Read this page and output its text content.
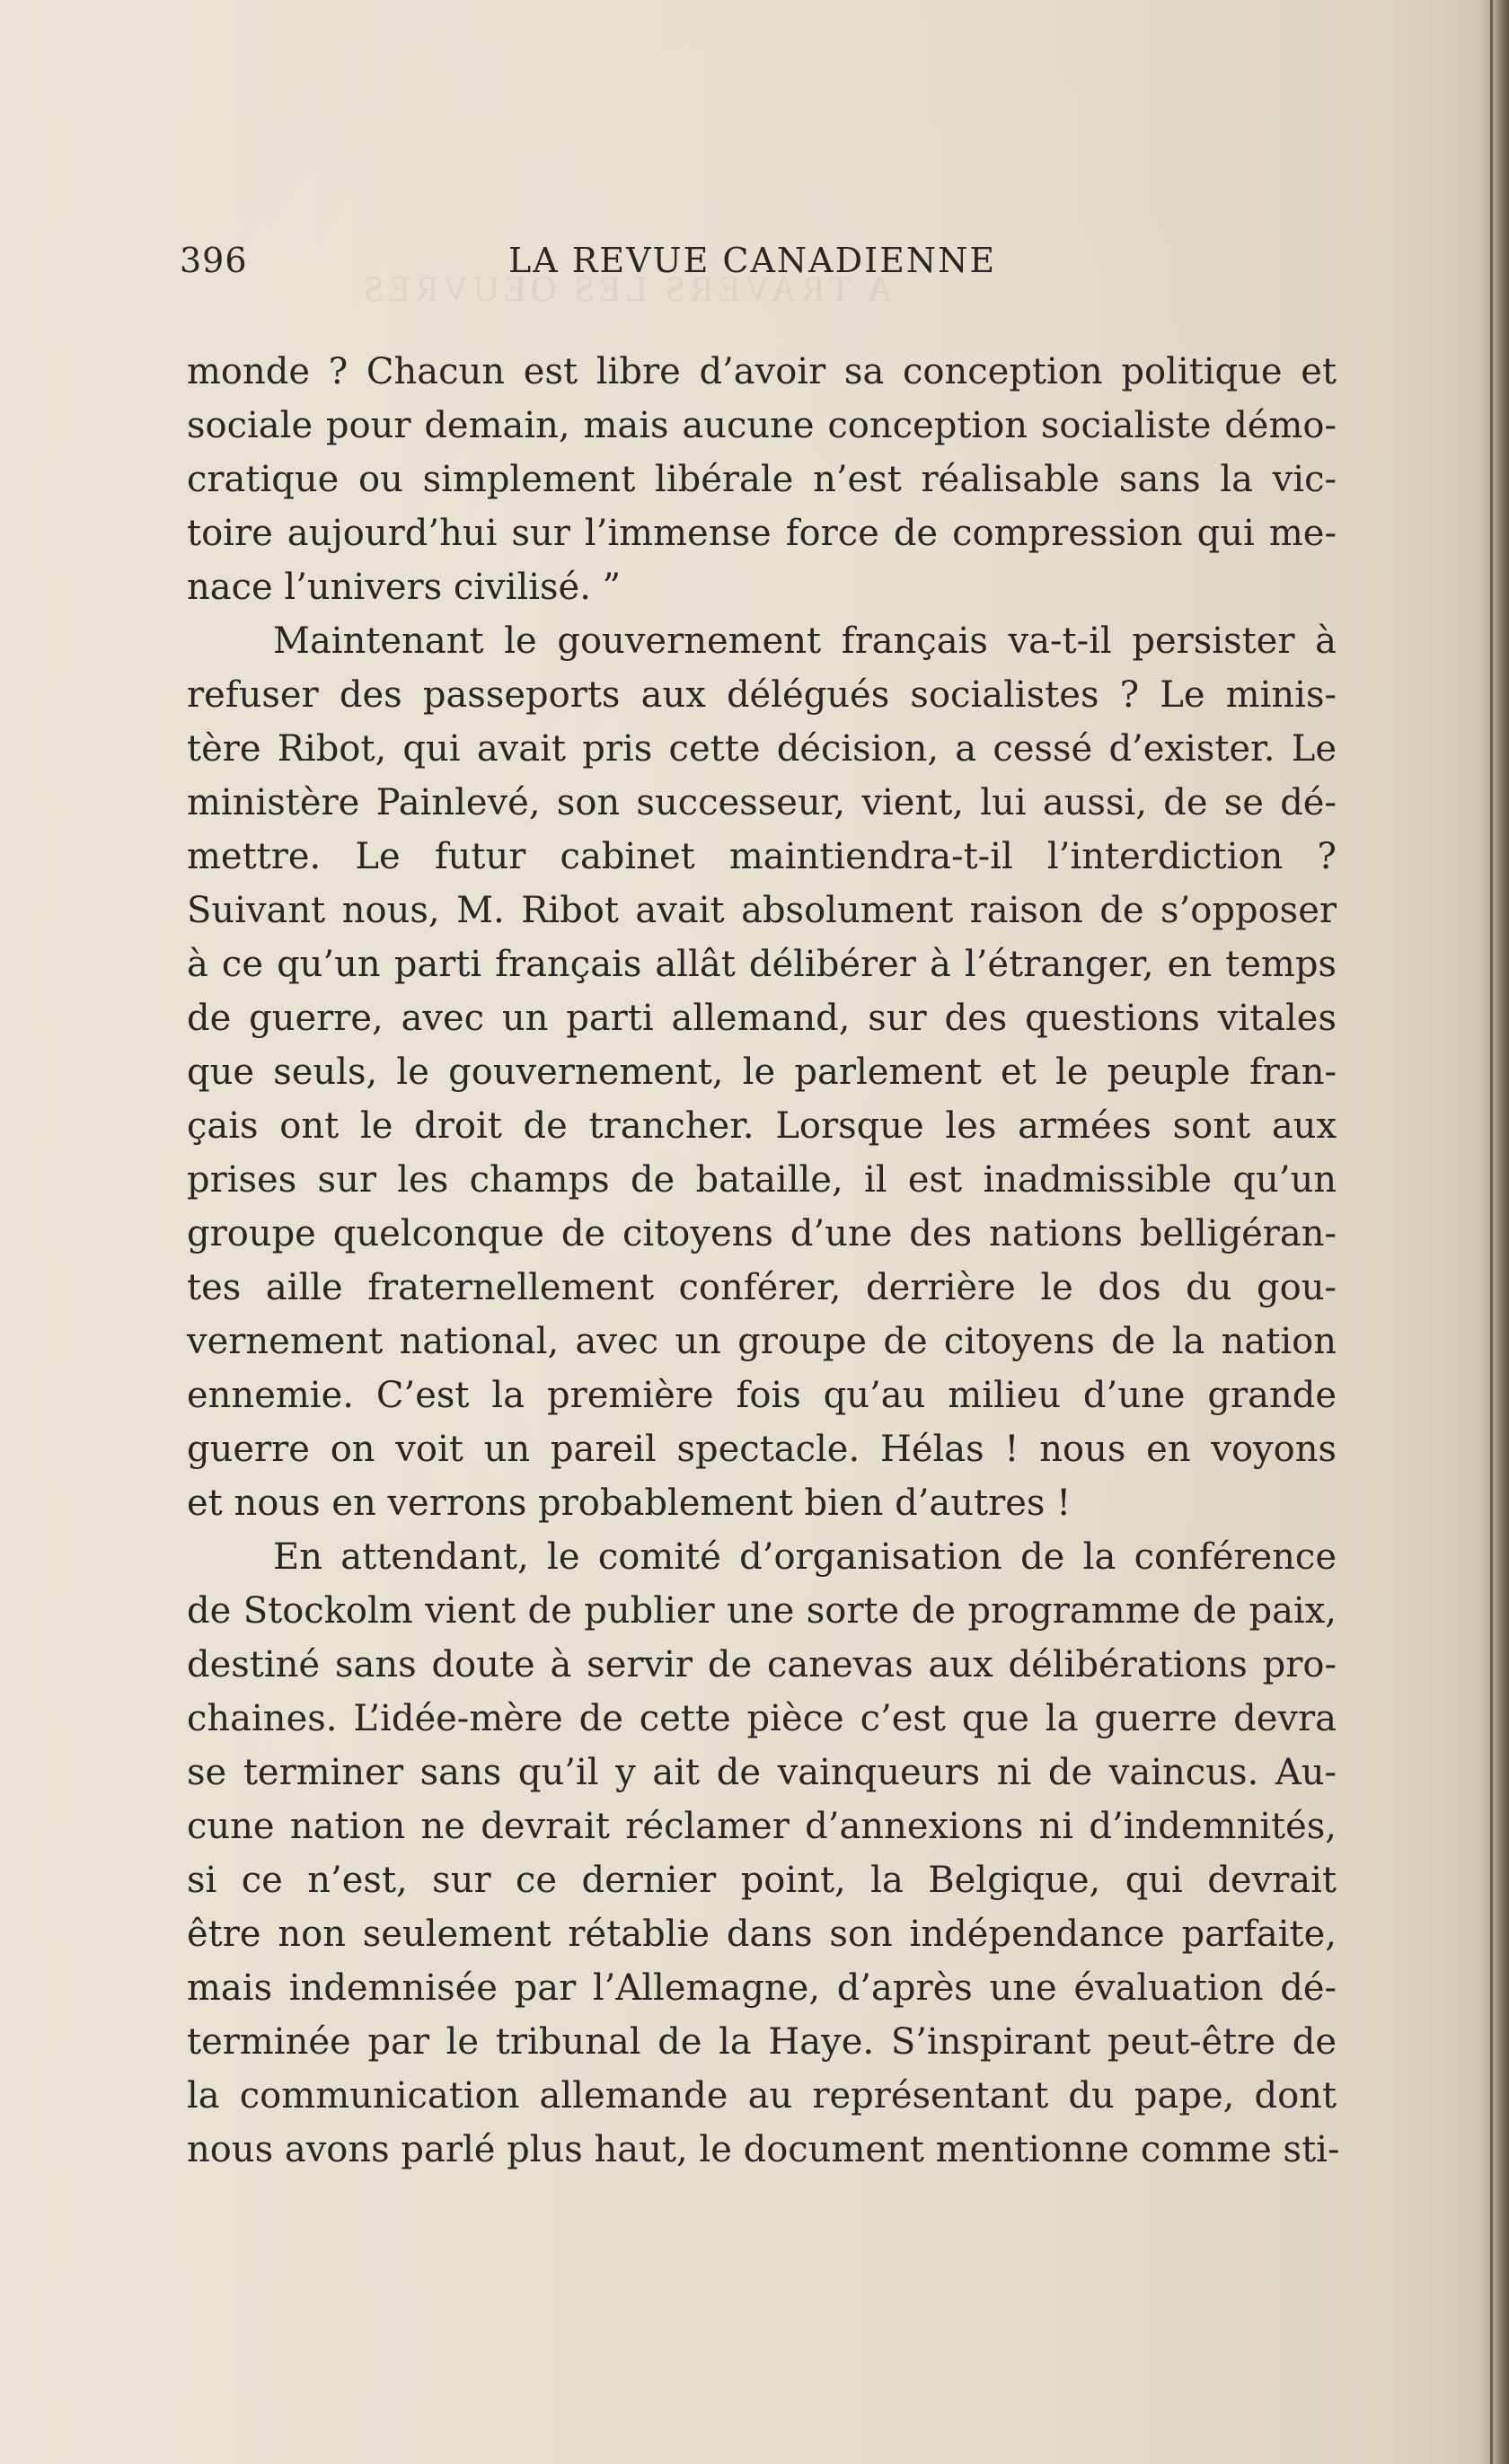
A TRAVERS LES OEUVRES
396	LA REVUE CANADIENNE
monde ? Chacun est libre d’avoir sa conception politique et
sociale pour demain, mais aucune conception socialiste démo-
cratique ou simplement libérale n’est réalisable sans la vic-
toire aujourd’hui sur l’immense force de compression qui me-
nace l’univers civilisé. ”
Maintenant le gouvernement français va-t-il persister à
refuser des passeports aux délégués socialistes ? Le minis-
tère Ribot, qui avait pris cette décision, a cessé d’exister. Le
ministère Painlevé, son successeur, vient, lui aussi, de se dé-
mettre. Le futur cabinet maintiendra-t-il l’interdiction ?
Suivant nous, M. Ribot avait absolument raison de s’opposer
à ce qu’un parti français allât délibérer à l’étranger, en temps
de guerre, avec un parti allemand, sur des questions vitales
que seuls, le gouvernement, le parlement et le peuple fran-
çais ont le droit de trancher. Lorsque les armées sont aux
prises sur les champs de bataille, il est inadmissible qu’un
groupe quelconque de citoyens d’une des nations belligéran-
tes aille fraternellement conférer, derrière le dos du gou-
vernement national, avec un groupe de citoyens de la nation
ennemie. C’est la première fois qu’au milieu d’une grande
guerre on voit un pareil spectacle. Hélas ! nous en voyons
et nous en verrons probablement bien d’autres !
En attendant, le comité d’organisation de la conférence
de Stockolm vient de publier une sorte de programme de paix,
destiné sans doute à servir de canevas aux délibérations pro-
chaines. L’idée-mère de cette pièce c’est que la guerre devra
se terminer sans qu’il y ait de vainqueurs ni de vaincus. Au-
cune nation ne devrait réclamer d’annexions ni d’indemnités,
si ce n’est, sur ce dernier point, la Belgique, qui devrait
être non seulement rétablie dans son indépendance parfaite,
mais indemnisée par l’Allemagne, d’après une évaluation dé-
terminée par le tribunal de la Haye. S’inspirant peut-être de
la communication allemande au représentant du pape, dont
nous avons parlé plus haut, le document mentionne comme sti-
